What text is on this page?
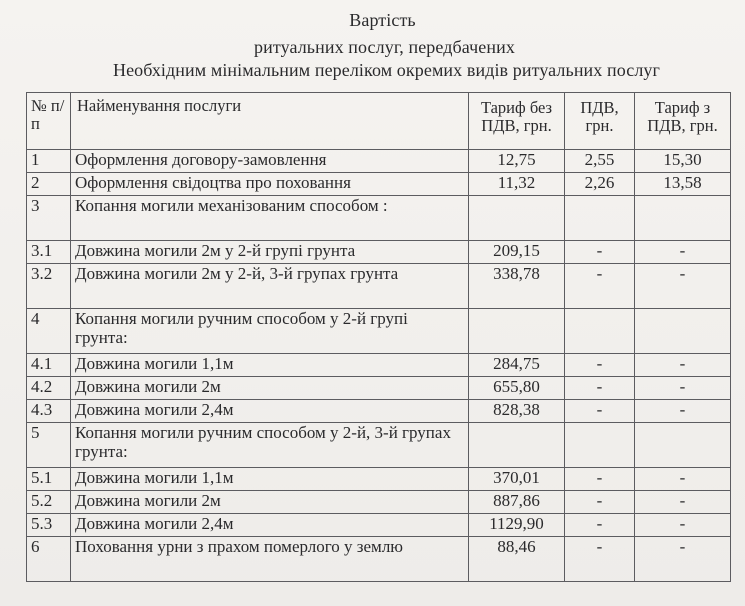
Вартість
ритуальних послуг, передбачених
Необхідним мінімальним переліком окремих видів ритуальних послуг
№ п/п	Найменування послуги	Тариф без ПДВ, грн.	ПДВ, грн.	Тариф з ПДВ, грн.
1	Оформлення договору-замовлення	12,75	2,55	15,30
2	Оформлення свідоцтва про поховання	11,32	2,26	13,58
3	Копання могили механізованим способом :			
3.1	Довжина могили 2м у 2-й групі грунта	209,15	-	-
3.2	Довжина могили 2м у 2-й, 3-й групах грунта	338,78	-	-
4	Копання могили ручним способом у 2-й групі грунта:			
4.1	Довжина могили 1,1м	284,75	-	-
4.2	Довжина могили 2м	655,80	-	-
4.3	Довжина могили 2,4м	828,38	-	-
5	Копання могили ручним способом у 2-й, 3-й групах грунта:			
5.1	Довжина могили 1,1м	370,01	-	-
5.2	Довжина могили 2м	887,86	-	-
5.3	Довжина могили 2,4м	1129,90	-	-
6	Поховання урни з прахом померлого у землю	88,46	-	-
